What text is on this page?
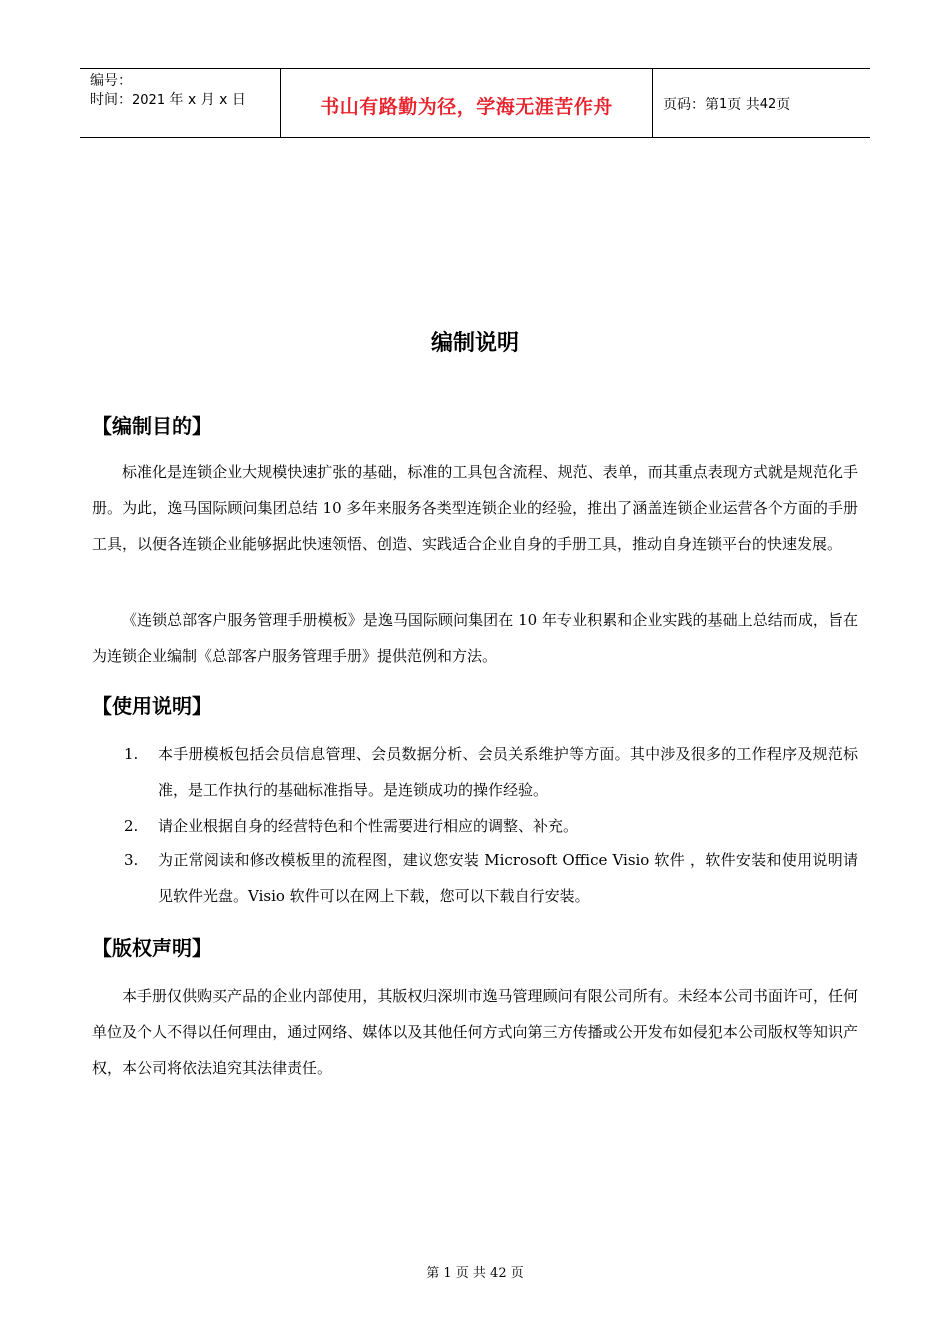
编号：
时间：2021 年 x 月 x 日	书山有路勤为径，学海无涯苦作舟	页码：第 1 页 共 42 页
编制说明
【编制目的】

标准化是连锁企业大规模快速扩张的基础，标准的工具包含流程、规范、表单，而其重点表现方式就是规范化手册。为此，逸马国际顾问集团总结 10 多年来服务各类型连锁企业的经验，推出了涵盖连锁企业运营各个方面的手册工具，以便各连锁企业能够据此快速领悟、创造、实践适合企业自身的手册工具，推动自身连锁平台的快速发展。

《连锁总部客户服务管理手册模板》是逸马国际顾问集团在 10 年专业积累和企业实践的基础上总结而成，旨在为连锁企业编制《总部客户服务管理手册》提供范例和方法。

【使用说明】
1.	本手册模板包括会员信息管理、会员数据分析、会员关系维护等方面。其中涉及很多的工作程序及规范标准，是工作执行的基础标准指导。是连锁成功的操作经验。
2.	请企业根据自身的经营特色和个性需要进行相应的调整、补充。
3.	为正常阅读和修改模板里的流程图，建议您安装 Microsoft Office Visio 软件 ，软件安装和使用说明请见软件光盘。Visio 软件可以在网上下载，您可以下载自行安装。
【版权声明】

本手册仅供购买产品的企业内部使用，其版权归深圳市逸马管理顾问有限公司所有。未经本公司书面许可，任何单位及个人不得以任何理由，通过网络、媒体以及其他任何方式向第三方传播或公开发布如侵犯本公司版权等知识产权，本公司将依法追究其法律责任。

第 1 页 共 42 页
